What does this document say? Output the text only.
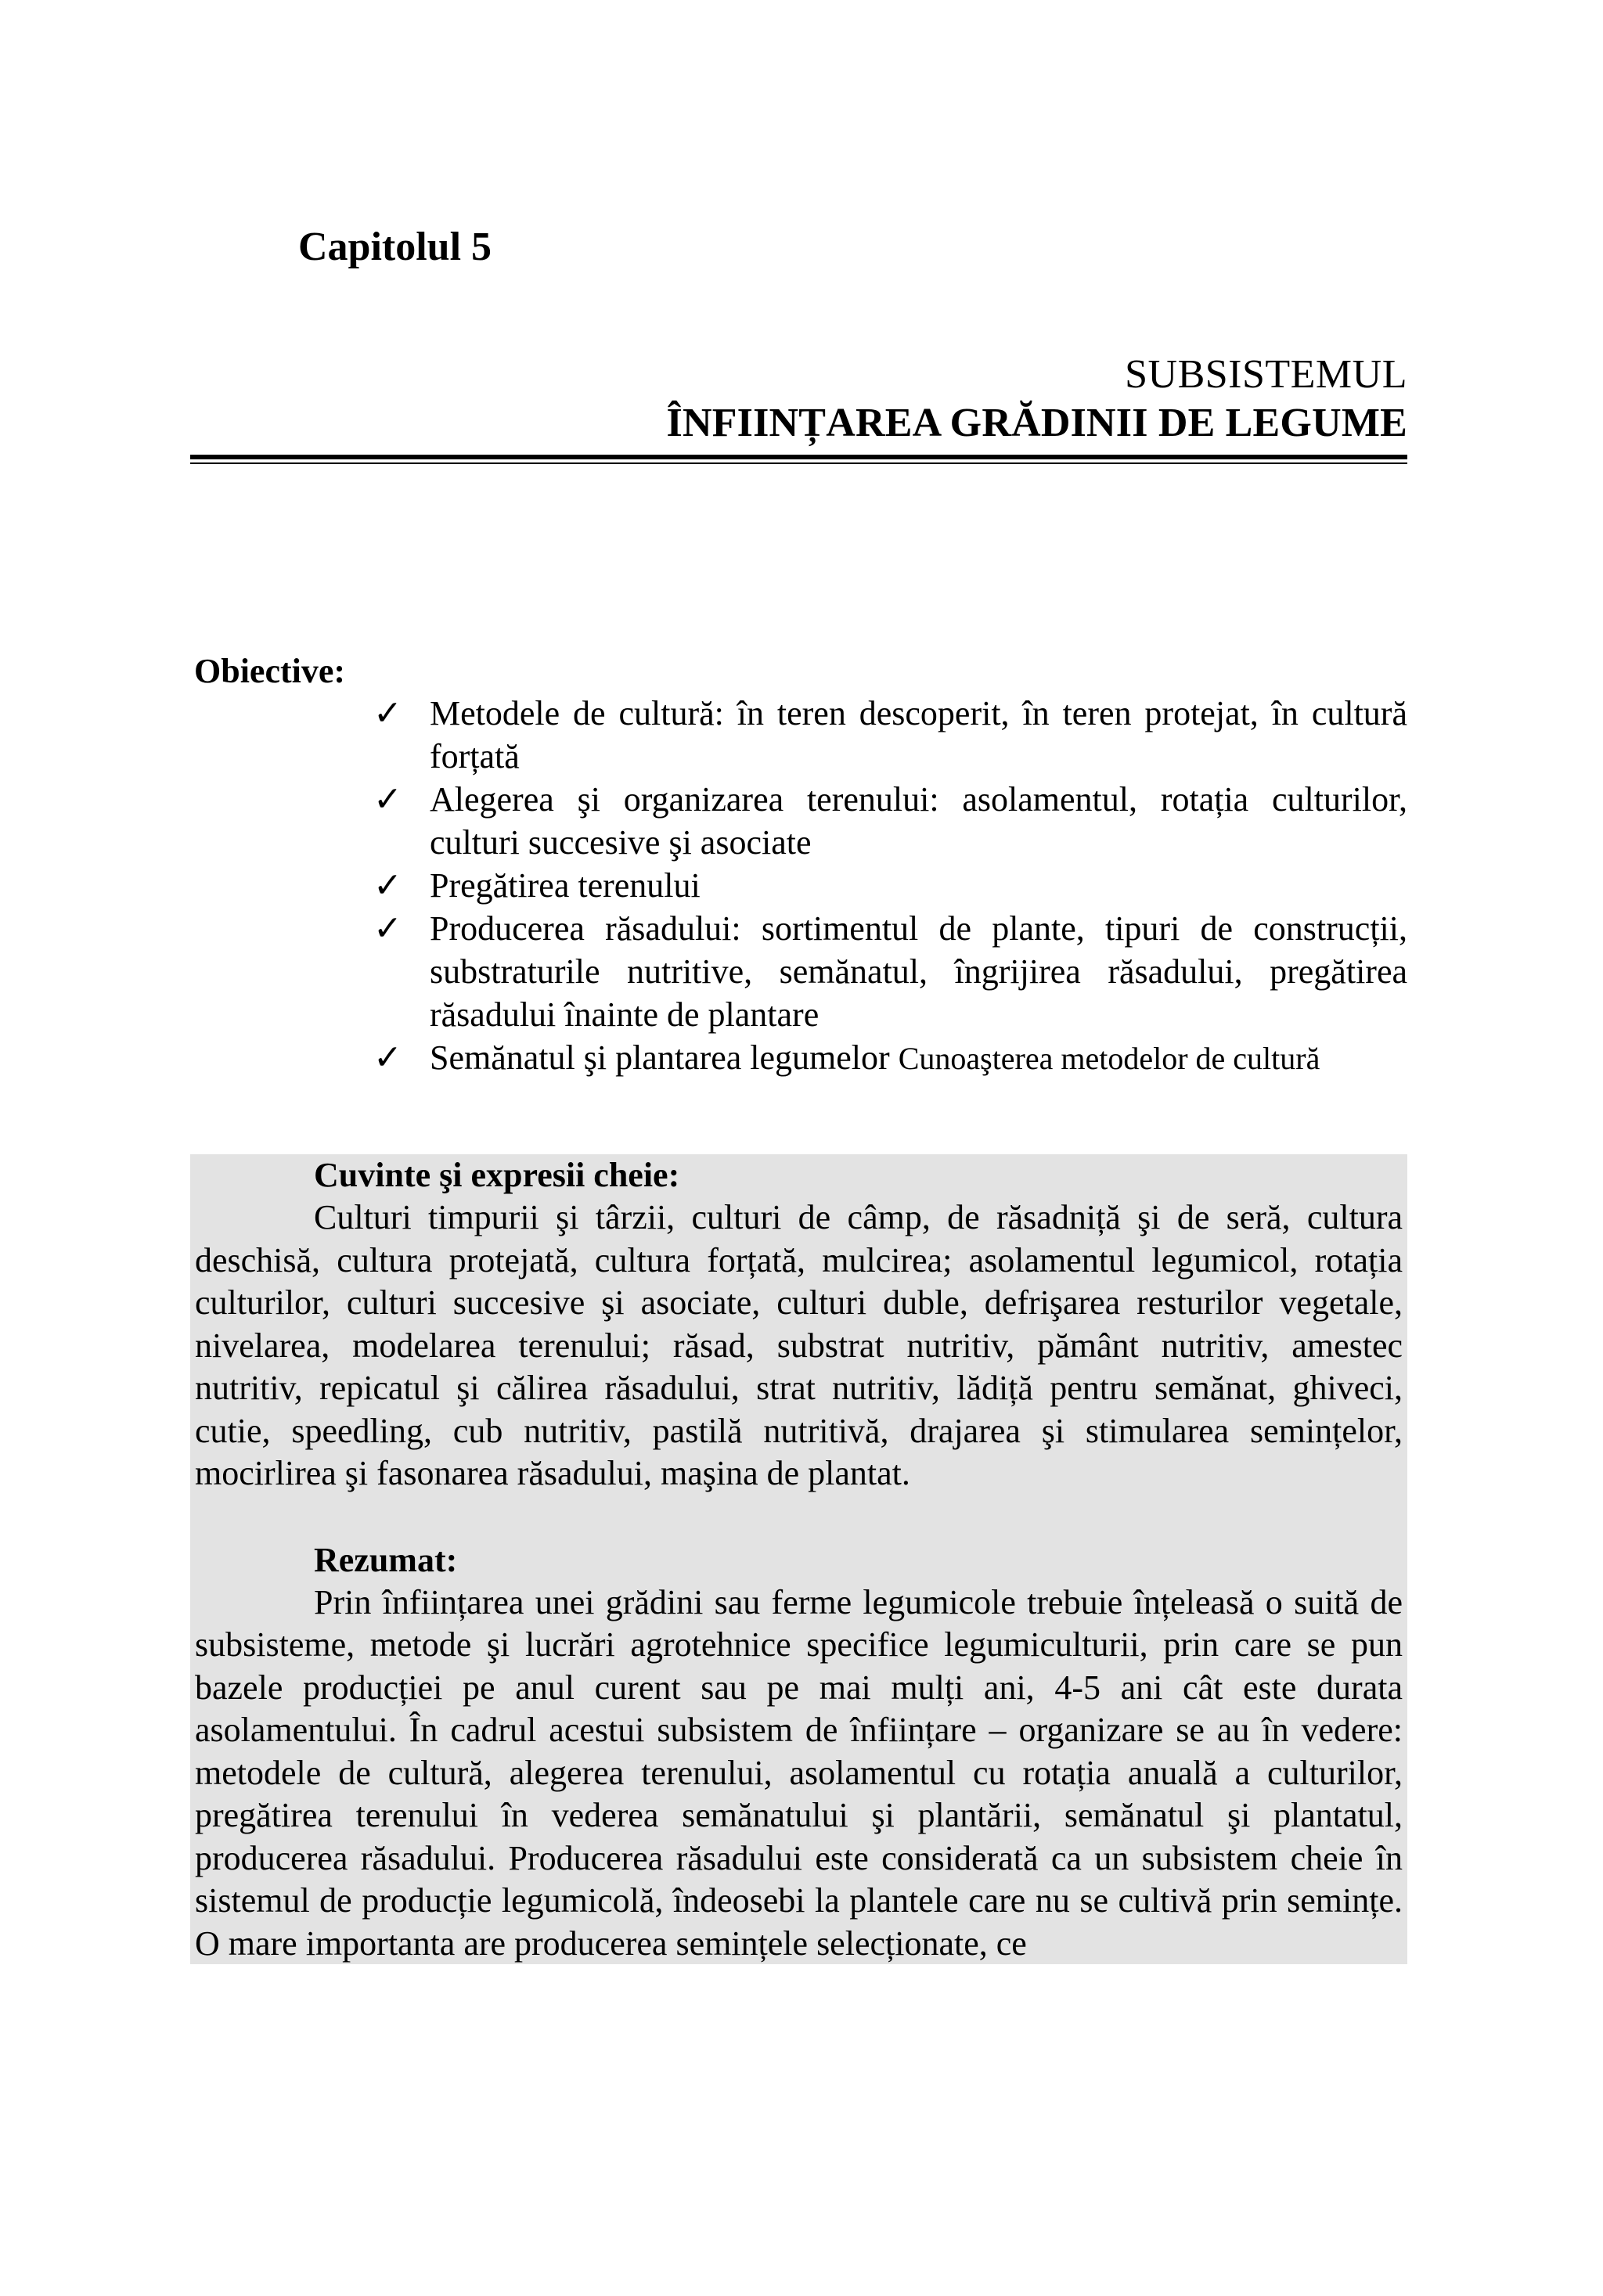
Capitolul 5
SUBSISTEMUL
ÎNFIINȚAREA GRĂDINII DE LEGUME
Obiective:
✓ Metodele de cultură: în teren descoperit, în teren protejat, în cultură forțată
✓ Alegerea şi organizarea terenului: asolamentul, rotația culturilor, culturi succesive şi asociate
✓ Pregătirea terenului
✓ Producerea răsadului: sortimentul de plante, tipuri de construcții, substraturile nutritive, semănatul, îngrijirea răsadului, pregătirea răsadului înainte de plantare
✓ Semănatul şi plantarea legumelor Cunoaşterea metodelor de cultură
Cuvinte şi expresii cheie:

Culturi timpurii şi târzii, culturi de câmp, de răsadniță şi de seră, cultura deschisă, cultura protejată, cultura forțată, mulcirea; asolamentul legumicol, rotația culturilor, culturi succesive şi asociate, culturi duble, defrişarea resturilor vegetale, nivelarea, modelarea terenului; răsad, substrat nutritiv, pământ nutritiv, amestec nutritiv, repicatul şi călirea răsadului, strat nutritiv, lădiță pentru semănat, ghiveci, cutie, speedling, cub nutritiv, pastilă nutritivă, drajarea şi stimularea semințelor, mocirlirea şi fasonarea răsadului, maşina de plantat.

Rezumat:

Prin înființarea unei grădini sau ferme legumicole trebuie înțeleasă o suită de subsisteme, metode şi lucrări agrotehnice specifice legumiculturii, prin care se pun bazele producției pe anul curent sau pe mai mulți ani, 4-5 ani cât este durata asolamentului. În cadrul acestui subsistem de înființare – organizare se au în vedere: metodele de cultură, alegerea terenului, asolamentul cu rotația anuală a culturilor, pregătirea terenului în vederea semănatului şi plantării, semănatul şi plantatul, producerea răsadului. Producerea răsadului este considerată ca un subsistem cheie în sistemul de producție legumicolă, îndeosebi la plantele care nu se cultivă prin semințe. O mare importanta are producerea semințele selecționate, ce
